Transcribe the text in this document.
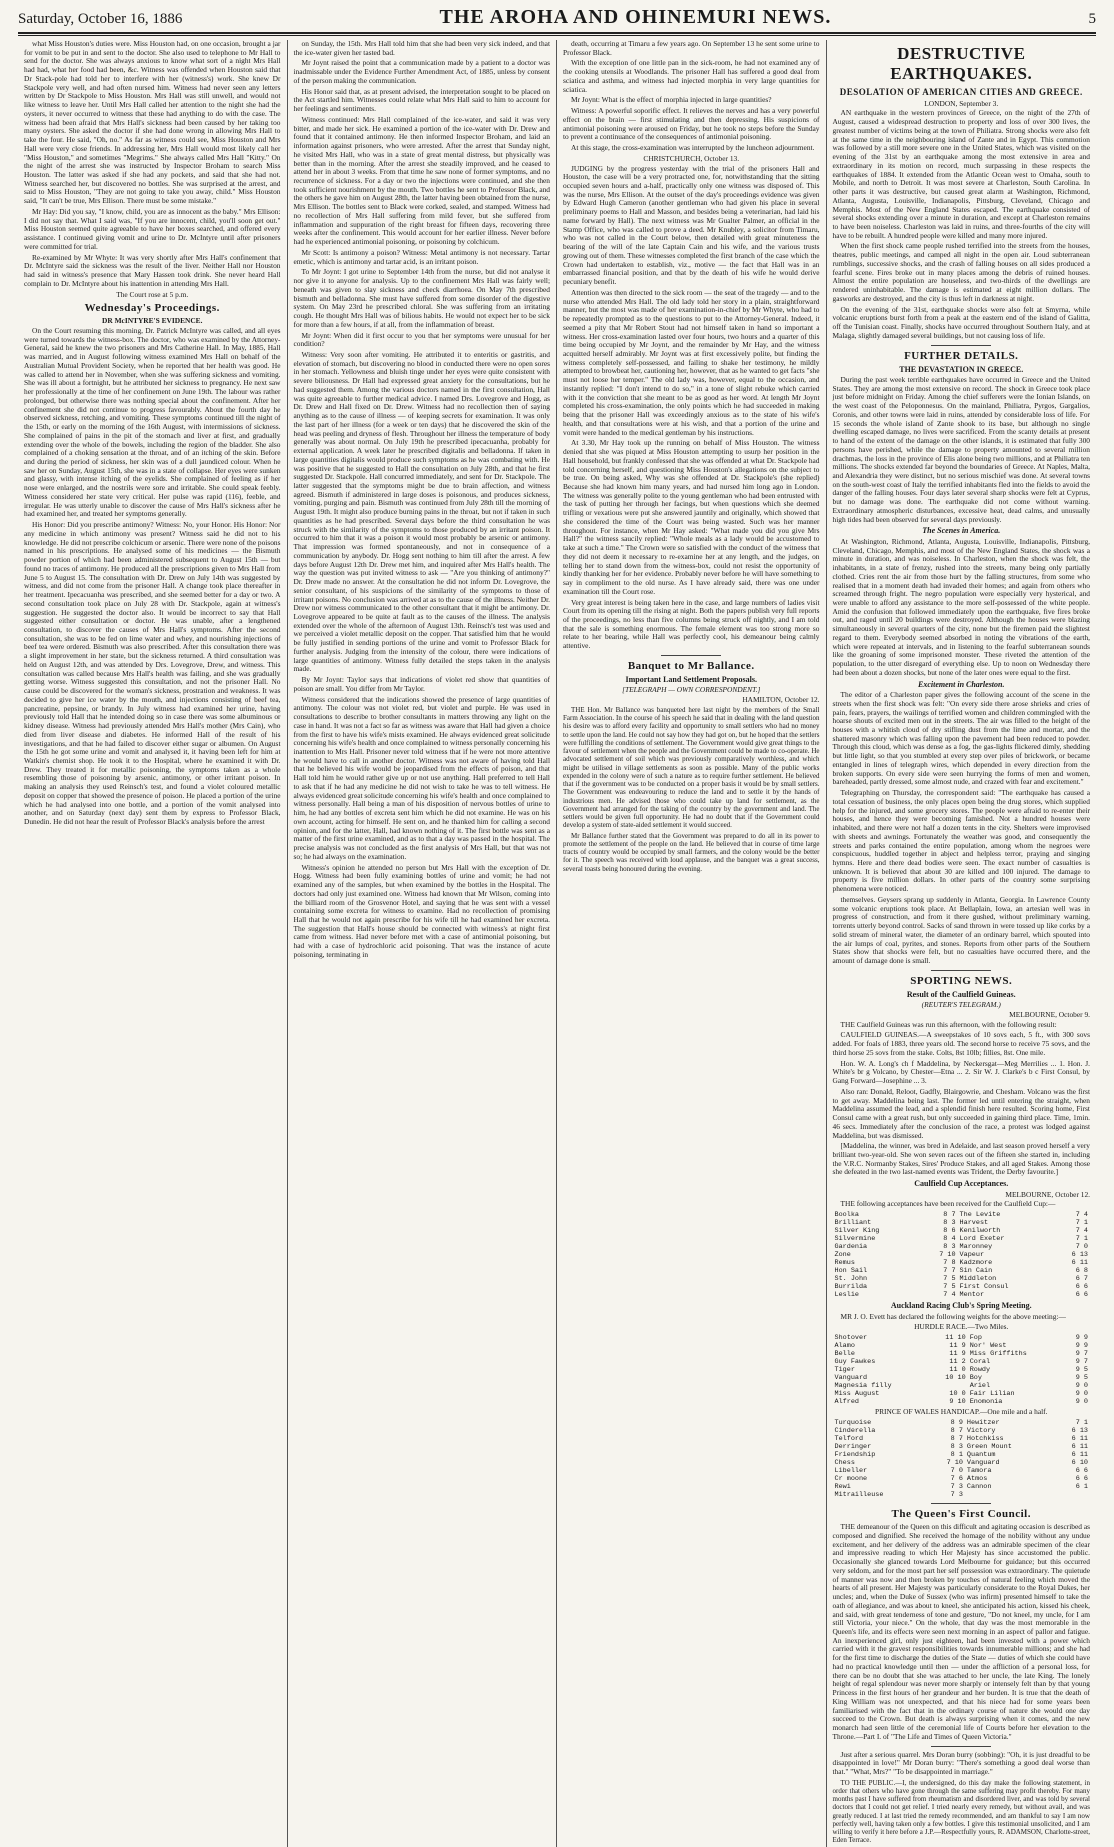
Saturday, October 16, 1886	THE AROHA AND OHINEMURI NEWS.	5

what Miss Houston's duties were. Miss Houston had, on one occasion, brought a jar for vomit to be put in and sent to the doctor. She also used to telephone to Mr Hall to send for the doctor. She was always anxious to know what sort of a night Mrs Hall had had, what her food had been, &c. Witness was offended when Houston said that Dr Stack-pole had told her to interfere with her (witness's) work. She knew Dr Stackpole very well, and had often nursed him. Witness had never seen any letters written by Dr Stackpole to Miss Houston. Mrs Hall was still unwell, and would not like witness to leave her. Until Mrs Hall called her attention to the night she had the oysters, it never occurred to witness that these had anything to do with the case. The witness had been afraid that Mrs Hall's sickness had been caused by her taking too many oysters. She asked the doctor if she had done wrong in allowing Mrs Hall to take the four. He said, "Oh, no." As far as witness could see, Miss Houston and Mrs Hall were very close friends. In addressing her, Mrs Hall would most likely call her "Miss Houston," and sometimes "Megrims." She always called Mrs Hall "Kitty." On the night of the arrest she was instructed by Inspector Broham to search Miss Houston. The latter was asked if she had any pockets, and said that she had not. Witness searched her, but discovered no bottles. She was surprised at the arrest, and said to Miss Houston, "They are not going to take you away, child." Miss Houston said, "It can't be true, Mrs Ellison. There must be some mistake."

Mr Hay: Did you say, "I know, child, you are as innocent as the baby." Mrs Ellison: I did not say that. What I said was, "If you are innocent, child, you'll soon get out." Miss Houston seemed quite agreeable to have her boxes searched, and offered every assistance. I continued giving vomit and urine to Dr. McIntyre until after prisoners were committed for trial.

Re-examined by Mr Whyte: It was very shortly after Mrs Hall's confinement that Dr. McIntyre said the sickness was the result of the liver. Neither Hall nor Houston had said in witness's presence that Mary Hassen took drink. She never heard Hall complain to Dr. McIntyre about his inattention in attending Mrs Hall.

The Court rose at 5 p.m.

Wednesday's Proceedings.
DR McINTYRE'S EVIDENCE.

On the Court resuming this morning, Dr. Patrick McIntyre was called, and all eyes were turned towards the witness-box. The doctor, who was examined by the Attorney-General, said he knew the two prisoners and Mrs Catherine Hall. In May, 1885, Hall was married, and in August following witness examined Mrs Hall on behalf of the Australian Mutual Provident Society, when he reported that her health was good. He was called to attend her in November, when she was suffering sickness and vomiting. She was ill about a fortnight, but he attributed her sickness to pregnancy. He next saw her professionally at the time of her confinement on June 19th. The labour was rather prolonged, but otherwise there was nothing special about the confinement. After her confinement she did not continue to progress favourably. About the fourth day he observed sickness, retching, and vomiting. These symptoms continued till the night of the 15th, or early on the morning of the 16th August, with intermissions of sickness. She complained of pains in the pit of the stomach and liver at first, and gradually extending over the whole of the bowels, including the region of the bladder. She also complained of a choking sensation at the throat, and of an itching of the skin. Before and during the period of sickness, her skin was of a dull jaundiced colour. When he saw her on Sunday, August 15th, she was in a state of collapse. Her eyes were sunken and glassy, with intense itching of the eyelids. She complained of feeling as if her nose were enlarged, and the nostrils were sore and irritable. She could speak feebly. Witness considered her state very critical. Her pulse was rapid (116), feeble, and irregular. He was utterly unable to discover the cause of Mrs Hall's sickness after he had examined her, and treated her symptoms generally.

His Honor: Did you prescribe antimony? Witness: No, your Honor. His Honor: Nor any medicine in which antimony was present? Witness said he did not to his knowledge. He did not prescribe colchicum or arsenic. There were none of the poisons named in his prescriptions. He analysed some of his medicines — the Bismuth powder portion of which had been administered subsequent to August 15th — but found no traces of antimony. He produced all the prescriptions given to Mrs Hall from June 5 to August 15. The consultation with Dr. Drew on July 14th was suggested by witness, and did not come from the prisoner Hall. A change took place thereafter in her treatment. Ipecacuanha was prescribed, and she seemed better for a day or two. A second consultation took place on July 28 with Dr. Stackpole, again at witness's suggestion. He suggested the doctor also. It would be incorrect to say that Hall suggested either consultation or doctor. He was unable, after a lengthened consultation, to discover the causes of Mrs Hall's symptoms. After the second consultation, she was to be fed on lime water and whey, and nourishing injections of beef tea were ordered. Bismuth was also prescribed. After this consultation there was a slight improvement in her state, but the sickness returned. A third consultation was held on August 12th, and was attended by Drs. Lovegrove, Drew, and witness. This consultation was called because Mrs Hall's health was failing, and she was gradually getting worse. Witness suggested this consultation, and not the prisoner Hall. No cause could be discovered for the woman's sickness, prostration and weakness. It was decided to give her ice water by the mouth, and injections consisting of beef tea, pancreatine, pepsine, or brandy. In July witness had examined her urine, having previously told Hall that he intended doing so in case there was some albuminous or kidney disease. Witness had previously attended Mrs Hall's mother (Mrs Cain), who died from liver disease and diabetes. He informed Hall of the result of his investigations, and that he had failed to discover either sugar or albumen. On August the 15th he got some urine and vomit and analysed it, it having been left for him at Watkin's chemist shop. He took it to the Hospital, where he examined it with Dr. Drew. They treated it for metallic poisoning, the symptoms taken as a whole resembling those of poisoning by arsenic, antimony, or other irritant poison. In making an analysis they used Reinsch's test, and found a violet coloured metallic deposit on copper that showed the presence of poison. He placed a portion of the urine which he had analysed into one bottle, and a portion of the vomit analysed into another, and on Saturday (next day) sent them by express to Professor Black, Dunedin. He did not hear the result of Professor Black's analysis before the arrest

on Sunday, the 15th. Mrs Hall told him that she had been very sick indeed, and that the ice-water given her tasted bad.

Mr Joynt raised the point that a communication made by a patient to a doctor was inadmissable under the Evidence Further Amendment Act, of 1885, unless by consent of the person making the communication.

His Honor said that, as at present advised, the interpretation sought to be placed on the Act startled him. Witnesses could relate what Mrs Hall said to him to account for her feelings and sentiments.

Witness continued: Mrs Hall complained of the ice-water, and said it was very bitter, and made her sick. He examined a portion of the ice-water with Dr. Drew and found that it contained antimony. He then informed Inspector Broham, and laid an information against prisoners, who were arrested. After the arrest that Sunday night, he visited Mrs Hall, who was in a state of great mental distress, but physically was better than in the morning. After the arrest she steadily improved, and he ceased to attend her in about 3 weeks. From that time he saw none of former symptoms, and no recurrence of sickness. For a day or two the injections were continued, and she then took sufficient nourishment by the mouth. Two bottles he sent to Professor Black, and the others he gave him on August 28th, the latter having been obtained from the nurse, Mrs Ellison. The bottles sent to Black were corked, sealed, and stamped. Witness had no recollection of Mrs Hall suffering from mild fever, but she suffered from inflammation and suppuration of the right breast for fifteen days, recovering three weeks after the confinement. This would account for her earlier illness. Never before had he experienced antimonial poisoning, or poisoning by colchicum.

Mr Scott: Is antimony a poison? Witness: Metal antimony is not necessary. Tartar emetic, which is antimony and tartar acid, is an irritant poison.

To Mr Joynt: I got urine to September 14th from the nurse, but did not analyse it nor give it to anyone for analysis. Up to the confinement Mrs Hall was fairly well; beneath was given to slay sickness and check diarrhoea. On May 7th prescribed bismuth and belladonna. She must have suffered from some disorder of the digestive system. On May 23rd he prescribed chloral. She was suffering from an irritating cough. He thought Mrs Hall was of bilious habits. He would not expect her to be sick for more than a few hours, if at all, from the inflammation of breast.

Mr Joynt: When did it first occur to you that her symptoms were unusual for her condition?

Witness: Very soon after vomiting. He attributed it to enteritis or gastritis, and elevation of stomach, but discovering no blood in conducted there were no open sores in her stomach. Yellowness and bluish tinge under her eyes were quite consistent with severe biliousness. Dr Hall had expressed great anxiety for the consultations, but he had suggested them. Among the various doctors named in the first consultation, Hall was quite agreeable to further medical advice. I named Drs. Lovegrove and Hogg, as Dr. Drew and Hall fixed on Dr. Drew. Witness had no recollection then of saying anything as to the cause of illness — of keeping secrets for examination. It was only the last part of her illness (for a week or ten days) that he discovered the skin of the head was peeling and dryness of flesh. Throughout her illness the temperature of body generally was about normal. On July 19th he prescribed ipecacuanha, probably for external application. A week later he prescribed digitalis and belladonna. If taken in large quantities digitalis would produce such symptoms as he was combating with. He was positive that he suggested to Hall the consultation on July 28th, and that he first suggested Dr. Stackpole. Hall concurred immediately, and sent for Dr. Stackpole. The latter suggested that the symptoms might be due to brain affection, and witness agreed. Bismuth if administered in large doses is poisonous, and produces sickness, vomiting, purging and pain. Bismuth was continued from July 28th till the morning of August 19th. It might also produce burning pains in the throat, but not if taken in such quantities as he had prescribed. Several days before the third consultation he was struck with the similarity of the symptoms to those produced by an irritant poison. It occurred to him that it was a poison it would most probably be arsenic or antimony. That impression was formed spontaneously, and not in consequence of a communication by anybody. Dr. Hogg sent nothing to him till after the arrest. A few days before August 12th Dr. Drew met him, and inquired after Mrs Hall's health. The way the question was put invited witness to ask — "Are you thinking of antimony?" Dr. Drew made no answer. At the consultation he did not inform Dr. Lovegrove, the senior consultant, of his suspicions of the similarity of the symptoms to those of irritant poisons. No conclusion was arrived at as to the cause of the illness. Neither Dr. Drew nor witness communicated to the other consultant that it might be antimony. Dr. Lovegrove appeared to be quite at fault as to the causes of the illness. The analysis extended over the whole of the afternoon of August 13th. Reinsch's test was used and we perceived a violet metallic deposit on the copper. That satisfied him that he would be fully justified in sending portions of the urine and vomit to Professor Black for further analysis. Judging from the intensity of the colour, there were indications of large quantities of antimony. Witness fully detailed the steps taken in the analysis made.

By Mr Joynt: Taylor says that indications of violet red show that quantities of poison are small. You differ from Mr Taylor.

Witness considered that the indications showed the presence of large quantities of antimony. The colour was not violet red, but violet and purple. He was used in consultations to describe to brother consultants in matters throwing any light on the case in hand. It was not a fact so far as witness was aware that Hall had given a choice from the first to have his wife's mists examined. He always evidenced great solicitude concerning his wife's health and once complained to witness personally concerning his inattention to Mrs Hall. Prisoner never told witness that if he were not more attentive he would have to call in another doctor. Witness was not aware of having told Hall that he believed his wife would be jeopardised from the effects of poison, and that Hall told him he would rather give up or not use anything. Hall preferred to tell Hall to ask that if he had any medicine he did not wish to take he was to tell witness. He always evidenced great solicitude concerning his wife's health and once complained to witness personally. Hall being a man of his disposition of nervous bottles of urine to him, he had any bottles of excreta sent him which he did not examine. He was on his own account, acting for himself. He sent on, and he thanked him for calling a second opinion, and for the latter, Hall, had known nothing of it. The first bottle was sent as a matter of the first urine examined, and as to that a day was passed in the hospital. The precise analysis was not concluded as the first analysis of Mrs Hall, but that was not so; he had always on the examination.

Witness's opinion he attended no person but Mrs Hall with the exception of Dr. Hogg. Witness had been fully examining bottles of urine and vomit; he had not examined any of the samples, but when examined by the bottles in the Hospital. The doctors had only just examined one. Witness had known that Mr Wilson, coming into the billiard room of the Grosvenor Hotel, and saying that he was sent with a vessel containing some excreta for witness to examine. Had no recollection of promising Hall that he would not again prescribe for his wife till he had examined her excreta. The suggestion that Hall's house should be connected with witness's at night first came from witness. Had never before met with a case of antimonial poisoning, but had with a case of hydrochloric acid poisoning. That was the instance of acute poisoning, terminating in

death, occurring at Timaru a few years ago. On September 13 he sent some urine to Professor Black.

With the exception of one little pan in the sick-room, he had not examined any of the cooking utensils at Woodlands. The prisoner Hall has suffered a good deal from sciatica and asthma, and witness had injected morphia in very large quantities for sciatica.

Mr Joynt: What is the effect of morphia injected in large quantities?

Witness: A powerful soporific effect. It relieves the nerves and has a very powerful effect on the brain — first stimulating and then depressing. His suspicions of antimonial poisoning were aroused on Friday, but he took no steps before the Sunday to prevent a continuance of the consequences of antimonial poisoning.

At this stage, the cross-examination was interrupted by the luncheon adjournment.

CHRISTCHURCH, October 13.

JUDGING by the progress yesterday with the trial of the prisoners Hall and Houston, the case will be a very protracted one, for, notwithstanding that the sitting occupied seven hours and a-half, practically only one witness was disposed of. This was the nurse, Mrs Ellison. At the outset of the day's proceedings evidence was given by Edward Hugh Cameron (another gentleman who had given his place in several preliminary poems to Hall and Masson, and besides being a veterinarian, had laid his name forward by Hall). The next witness was Mr Gualter Palmer, an official in the Stamp Office, who was called to prove a deed. Mr Knubley, a solicitor from Timaru, who was not called in the Court below, then detailed with great minuteness the bearing of the will of the late Captain Cain and his wife, and the various trusts growing out of them. These witnesses completed the first branch of the case which the Crown had undertaken to establish, viz., motive — the fact that Hall was in an embarrassed financial position, and that by the death of his wife he would derive pecuniary benefit.

Attention was then directed to the sick room — the seat of the tragedy — and to the nurse who attended Mrs Hall. The old lady told her story in a plain, straightforward manner, but the most was made of her examination-in-chief by Mr Whyte, who had to be repeatedly prompted as to the questions to put to the Attorney-General. Indeed, it seemed a pity that Mr Robert Stout had not himself taken in hand so important a witness. Her cross-examination lasted over four hours, two hours and a quarter of this time being occupied by Mr Joynt, and the remainder by Mr Hay, and the witness acquitted herself admirably. Mr Joynt was at first excessively polite, but finding the witness completely self-possessed, and failing to shake her testimony, he mildly attempted to browbeat her, cautioning her, however, that as he wanted to get facts "she must not loose her temper." The old lady was, however, equal to the occasion, and instantly replied: "I don't intend to do so," in a tone of slight rebuke which carried with it the conviction that she meant to be as good as her word. At length Mr Joynt completed his cross-examination, the only points which he had succeeded in making being that the prisoner Hall was exceedingly anxious as to the state of his wife's health, and that consultations were at his wish, and that a portion of the urine and vomit were handed to the medical gentleman by his instructions.

At 3.30, Mr Hay took up the running on behalf of Miss Houston. The witness denied that she was piqued at Miss Houston attempting to usurp her position in the Hall household, but frankly confessed that she was offended at what Dr. Stackpole had told concerning herself, and questioning Miss Houston's allegations on the subject to be true. On being asked, Why was she offended at Dr. Stackpole's (she replied) Because she had known him many years, and had nursed him long ago in London. The witness was generally polite to the young gentleman who had been entrusted with the task of putting her through her facings, but when questions which she deemed trifling or vexatious were put she answered jauntily and originally, which showed that she considered the time of the Court was being wasted. Such was her manner throughout. For instance, when Mr Hay asked: "What made you did you give Mrs Hall?" the witness saucily replied: "Whole meals as a lady would be accustomed to take at such a time." The Crown were so satisfied with the conduct of the witness that they did not deem it necessary to re-examine her at any length, and the judges, on telling her to stand down from the witness-box, could not resist the opportunity of kindly thanking her for her evidence. Probably never before he will have something to say in compliment to the old nurse. As I have already said, there was one under examination till the Court rose.

Very great interest is being taken here in the case, and large numbers of ladies visit Court from its opening till the rising at night. Both the papers publish very full reports of the proceedings, no less than five columns being struck off nightly, and I am told that the sale is something enormous. The female element was too strong more so relate to her bearing, while Hall was perfectly cool, his demeanour being calmly attentive.

Banquet to Mr Ballance.
Important Land Settlement Proposals.
[TELEGRAPH — OWN CORRESPONDENT.]
HAMILTON, October 12.

THE Hon. Mr Ballance was banqueted here last night by the members of the Small Farm Association. In the course of his speech he said that in dealing with the land question his desire was to afford every facility and opportunity to small settlers who had no money to settle upon the land. He could not say how they had got on, but he hoped that the settlers were fulfilling the conditions of settlement. The Government would give great things to the favour of settlement when the people and the Government could be made to co-operate. He advocated settlement of soil which was previously comparatively worthless, and which might be utilised in village settlements as soon as possible. Many of the public works expended in the colony were of such a nature as to require further settlement. He believed that if the government was to be conducted on a proper basis it would be by small settlers. The Government was endeavouring to reduce the land and to settle it by the hands of industrious men. He advised those who could take up land for settlement, as the Government had arranged for the taking of the country by the government and land. The settlers would be given full opportunity. He had no doubt that if the Government could develop a system of state-aided settlement it would succeed.

Mr Ballance further stated that the Government was prepared to do all in its power to promote the settlement of the people on the land. He believed that in course of time large tracts of country would be occupied by small farmers, and the colony would be the better for it. The speech was received with loud applause, and the banquet was a great success, several toasts being honoured during the evening.

DESTRUCTIVE EARTHQUAKES.
DESOLATION OF AMERICAN CITIES AND GREECE.
LONDON, September 3.

AN earthquake in the western provinces of Greece, on the night of the 27th of August, caused a widespread destruction to property and loss of over 300 lives, the greatest number of victims being at the town of Philiatra. Strong shocks were also felt at the same time in the neighbouring island of Zante and in Egypt. This commotion was followed by a still more severe one in the United States, which was visited on the evening of the 31st by an earthquake among the most extensive in area and extraordinary in its motion on record, much surpassing in these respects the earthquakes of 1884. It extended from the Atlantic Ocean west to Omaha, south to Mobile, and north to Detroit. It was most severe at Charleston, South Carolina. In other parts it was destructive, but caused great alarm at Washington, Richmond, Atlanta, Augusta, Louisville, Indianapolis, Pittsburg, Cleveland, Chicago and Memphis. Most of the New England States escaped. The earthquake consisted of several shocks extending over a minute in duration, and except at Charleston remains to have been noiseless. Charleston was laid in ruins, and three-fourths of the city will have to be rebuilt. A hundred people were killed and many more injured.

When the first shock came people rushed terrified into the streets from the houses, theatres, public meetings, and camped all night in the open air. Loud subterranean rumblings, successive shocks, and the crash of falling houses on all sides produced a fearful scene. Fires broke out in many places among the debris of ruined houses. Almost the entire population are houseless, and two-thirds of the dwellings are rendered uninhabitable. The damage is estimated at eight million dollars. The gasworks are destroyed, and the city is thus left in darkness at night.

On the evening of the 31st, earthquake shocks were also felt at Smyrna, while volcanic eruptions burst forth from a peak at the eastern end of the island of Galitta, off the Tunisian coast. Finally, shocks have occurred throughout Southern Italy, and at Malaga, slightly damaged several buildings, but not causing loss of life.

FURTHER DETAILS.
THE DEVASTATION IN GREECE.

During the past week terrible earthquakes have occurred in Greece and the United States. They are among the most extensive on record. The shock in Greece took place just before midnight on Friday. Among the chief sufferers were the Ionian Islands, on the west coast of the Peloponnesus. On the mainland, Philiatra, Pyrgos, Gargalios, Coronis, and other towns were laid in ruins, attended by considerable loss of life. For 15 seconds the whole island of Zante shook to its base, but although no single dwelling escaped damage, no lives were sacrificed. From the scanty details at present to hand of the extent of the damage on the other islands, it is estimated that fully 300 persons have perished, while the damage to property amounted to several million drachmas, the loss in the province of Elis alone being two millions, and at Philiatra ten millions. The shocks extended far beyond the boundaries of Greece. At Naples, Malta, and Alexandria they were distinct, but no serious mischief was done. At several towns on the south-west coast of Italy the terrified inhabitants fled into the fields to avoid the danger of the falling houses. Four days later several sharp shocks were felt at Cyprus, but no damage was done. The earthquake did not come without warning. Extraordinary atmospheric disturbances, excessive heat, dead calms, and unusually high tides had been observed for several days previously.

The Scenes in America.

At Washington, Richmond, Atlanta, Augusta, Louisville, Indianapolis, Pittsburg, Cleveland, Chicago, Memphis, and most of the New England States, the shock was a minute in duration, and was noiseless. In Charleston, when the shock was felt, the inhabitants, in a state of frenzy, rushed into the streets, many being only partially clothed. Cries rent the air from those hurt by the falling structures, from some who realised that in a moment death had invaded their homes; and again from others who screamed through fright. The negro population were especially very hysterical, and were unable to afford any assistance to the more self-possessed of the white people. Amid the confusion that followed immediately upon the earthquake, five fires broke out, and raged until 20 buildings were destroyed. Although the houses were blazing simultaneously in several quarters of the city, none but the firemen paid the slightest regard to them. Everybody seemed absorbed in noting the vibrations of the earth, which were repeated at intervals, and in listening to the fearful subterranean sounds like the groaning of some imprisoned monster. These riveted the attention of the population, to the utter disregard of everything else. Up to noon on Wednesday there had been about a dozen shocks, but none of the later ones were equal to the first.

Excitement in Charleston.

The editor of a Charleston paper gives the following account of the scene in the streets when the first shock was felt: "On every side there arose shrieks and cries of pain, fears, prayers, the wailings of terrified women and children commingled with the hoarse shouts of excited men out in the streets. The air was filled to the height of the houses with a whitish cloud of dry stifling dust from the lime and mortar, and the shattered masonry which was falling upon the pavement had been reduced to powder. Through this cloud, which was dense as a fog, the gas-lights flickered dimly, shedding but little light, so that you stumbled at every step over piles of brickwork, or became entangled in lines of telegraph wires, which depended in every direction from the broken supports. On every side were seen hurrying the forms of men and women, bareheaded, partly dressed, some almost nude, and crazed with fear and excitement."

Telegraphing on Thursday, the correspondent said: "The earthquake has caused a total cessation of business, the only places open being the drug stores, which supplied help for the injured, and some grocery stores. The people were afraid to re-enter their houses, and hence they were becoming famished. Not a hundred houses were inhabited, and there were not half a dozen tents in the city. Shelters were improvised with sheets and awnings. Fortunately the weather was good, and consequently the streets and parks contained the entire population, among whom the negroes were conspicuous, huddled together in abject and helpless terror, praying and singing hymns. Here and there dead bodies were seen. The exact number of casualties is unknown. It is believed that about 30 are killed and 100 injured. The damage to property is five million dollars. In other parts of the country some surprising phenomena were noticed.

themselves. Geysers sprang up suddenly in Atlanta, Georgia. In Lawrence County some volcanic eruptions took place. At Bellaplain, Iowa, an artesian well was in progress of construction, and from it there gushed, without preliminary warning, torrents utterly beyond control. Sacks of sand thrown in were tossed up like corks by a solid stream of mineral water, the diameter of an ordinary barrel, which spouted into the air lumps of coal, pyrites, and stones. Reports from other parts of the Southern States show that shocks were felt, but no casualties have occurred there, and the amount of damage done is small.

SPORTING NEWS.
Result of the Caulfield Guineas.
(REUTER'S TELEGRAM.)
MELBOURNE, October 9.

THE Caulfield Guineas was run this afternoon, with the following result:

CAULFIELD GUINEAS.—A sweepstakes of 10 sovs each, 5 ft., with 300 sovs added. For foals of 1883, three years old. The second horse to receive 75 sovs, and the third horse 25 sovs from the stake. Colts, 8st 10lb; fillies, 8st. One mile.

Hon. W. A. Long's ch f Maddelina, by Neckersgat—Meg Merrilies ... 1. Hon. J. White's br g Volcano, by Chester—Etna ... 2. Sir W. J. Clarke's b c First Consul, by Gang Forward—Josephine ... 3.

Also ran: Donald, Reloot, Gadfly, Blairgowrie, and Chesham. Volcano was the first to get away. Maddelina being last. The former led until entering the straight, when Maddelina assumed the lead, and a splendid finish here resulted. Scoring home, First Consul came with a great rush, but only succeeded in gaining third place. Time, 1min. 46 secs. Immediately after the conclusion of the race, a protest was lodged against Maddelina, but was dismissed.

[Maddelina, the winner, was bred in Adelaide, and last season proved herself a very brilliant two-year-old. She won seven races out of the fifteen she started in, including the V.R.C. Normanby Stakes, Sires' Produce Stakes, and all aged Stakes. Among those she defeated in the two last-named events was Trident, the Derby favourite.]

Caulfield Cup Acceptances.
MELBOURNE, October 12.

THE following acceptances have been received for the Caulfield Cup:—

Boolka	8 7	The Levite	7 4
Brilliant	8 3	Harvest	7 1
Silver King	8 6	Kenilworth	7 4
Silvermine	8 4	Lord Exeter	7 1
Gardenia	8 3	Maronney	7 0
Zone	7 10	Vapeur	6 13
Remus	7 8	Kadzmore	6 11
Hon Sail	7 7	Sin Cain	6 8
St. John	7 5	Middleton	6 7
Burrilda	7 5	First Consul	6 6
Leslie	7 4	Mentor	6 6
Auckland Racing Club's Spring Meeting.

MR J. O. Evett has declared the following weights for the above meeting:—

HURDLE RACE.—Two Miles.
Shotover	11 10	Fop	9 9
Alamo	11 9	Nor' West	9 9
Belle	11 9	Miss Griffiths	9 7
Guy Fawkes	11 2	Coral	9 7
Tiger	11 0	Rowdy	9 5
Vanguard	10 10	Boy	9 5
Magnesia filly		Ariel	9 0
Miss August	10 0	Fair Lilian	9 0
Alfred	9 10	Enomonia	9 0
PRINCE OF WALES HANDICAP.—One mile and a half.
Turquoise	8 9	Hewitzer	7 1
Cinderella	8 7	Victory	6 13
Telford	8 7	Hotchkiss	6 11
Derringer	8 3	Green Mount	6 11
Friendship	8 1	Quantum	6 11
Chess	7 10	Vanguard	6 10
Libeller	7 0	Tamora	6 6
Cr moone	7 6	Atmos	6 6
Rewi	7 3	Cannon	6 1
Mitrailleuse	7 3		
The Queen's First Council.

THE demeanour of the Queen on this difficult and agitating occasion is described as composed and dignified. She received the homage of the nobility without any undue excitement, and her delivery of the address was an admirable specimen of the clear and impressive reading to which Her Majesty has since accustomed the public. Occasionally she glanced towards Lord Melbourne for guidance; but this occurred very seldom, and for the most part her self possession was extraordinary. The quietude of manner was now and then broken by touches of natural feeling which moved the hearts of all present. Her Majesty was particularly considerate to the Royal Dukes, her uncles; and, when the Duke of Sussex (who was infirm) presented himself to take the oath of allegiance, and was about to kneel, she anticipated his action, kissed his cheek, and said, with great tenderness of tone and gesture, "Do not kneel, my uncle, for I am still Victoria, your niece." On the whole, that day was the most memorable in the Queen's life, and its effects were seen next morning in an aspect of pallor and fatigue. An inexperienced girl, only just eighteen, had been invested with a power which carried with it the gravest responsibilities towards innumerable millions; and she had for the first time to discharge the duties of the State — duties of which she could have had no practical knowledge until then — under the affliction of a personal loss, for there can be no doubt that she was attached to her uncle, the late King. The lonely height of regal splendour was never more sharply or intensely felt than by that young Princess in the first hours of her grandeur and her burden. It is true that the death of King William was not unexpected, and that his niece had for some years been familiarised with the fact that in the ordinary course of nature she would one day succeed to the Crown. But death is always surprising when it comes, and the new monarch had seen little of the ceremonial life of Courts before her elevation to the Throne.—Part I. of "The Life and Times of Queen Victoria."

Just after a serious quarrel. Mrs Doran burry (sobbing): "Oh, it is just dreadful to be disappointed in love!" Mr Doran burry: "There's something a good deal worse than that." "What, Mrs?" "To be disappointed in marriage."

TO THE PUBLIC.—I, the undersigned, do this day make the following statement, in order that others who have gone through the same suffering may profit thereby. For many months past I have suffered from rheumatism and disordered liver, and was told by several doctors that I could not get relief. I tried nearly every remedy, but without avail, and was greatly reduced. I at last tried the remedy recommended, and am thankful to say I am now perfectly well, having taken only a few bottles. I give this testimonial unsolicited, and I am willing to verify it here before a J.P.—Respectfully yours, R. ADAMSON, Charlotte-street, Eden Terrace.
